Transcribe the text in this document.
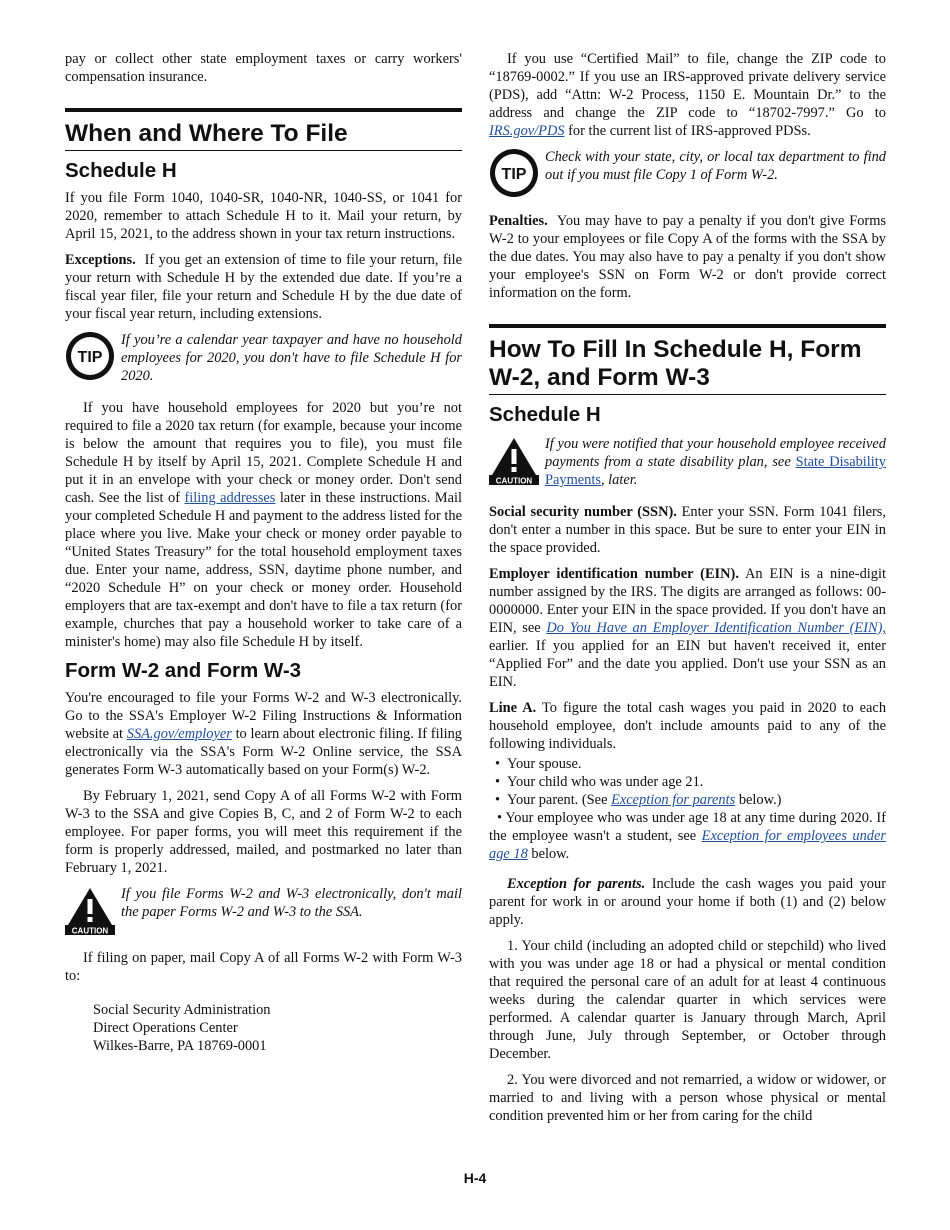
pay or collect other state employment taxes or carry workers' compensation insurance.

When and Where To File
Schedule H

If you file Form 1040, 1040-SR, 1040-NR, 1040-SS, or 1041 for 2020, remember to attach Schedule H to it. Mail your return, by April 15, 2021, to the address shown in your tax return instructions.

Exceptions. If you get an extension of time to file your return, file your return with Schedule H by the extended due date. If you’re a fiscal year filer, file your return and Schedule H by the due date of your fiscal year return, including extensions.

TIP
If you’re a calendar year taxpayer and have no household employees for 2020, you don't have to file Schedule H for 2020.

If you have household employees for 2020 but you’re not required to file a 2020 tax return (for example, because your income is below the amount that requires you to file), you must file Schedule H by itself by April 15, 2021. Complete Schedule H and put it in an envelope with your check or money order. Don't send cash. See the list of filing addresses later in these instructions. Mail your completed Schedule H and payment to the address listed for the place where you live. Make your check or money order payable to “United States Treasury” for the total household employment taxes due. Enter your name, address, SSN, daytime phone number, and “2020 Schedule H” on your check or money order. Household employers that are tax-exempt and don't have to file a tax return (for example, churches that pay a household worker to take care of a minister's home) may also file Schedule H by itself.

Form W-2 and Form W-3

You're encouraged to file your Forms W-2 and W-3 electronically. Go to the SSA's Employer W-2 Filing Instructions & Information website at SSA.gov/employer to learn about electronic filing. If filing electronically via the SSA's Form W-2 Online service, the SSA generates Form W-3 automatically based on your Form(s) W-2.

By February 1, 2021, send Copy A of all Forms W-2 with Form W-3 to the SSA and give Copies B, C, and 2 of Form W-2 to each employee. For paper forms, you will meet this requirement if the form is properly addressed, mailed, and postmarked no later than February 1, 2021.

CAUTION
If you file Forms W-2 and W-3 electronically, don't mail the paper Forms W-2 and W-3 to the SSA.

If filing on paper, mail Copy A of all Forms W-2 with Form W-3 to:

Social Security Administration
Direct Operations Center
Wilkes-Barre, PA 18769-0001

If you use “Certified Mail” to file, change the ZIP code to “18769-0002.” If you use an IRS-approved private delivery service (PDS), add “Attn: W-2 Process, 1150 E. Mountain Dr.” to the address and change the ZIP code to “18702-7997.” Go to IRS.gov/PDS for the current list of IRS-approved PDSs.

TIP
Check with your state, city, or local tax department to find out if you must file Copy 1 of Form W-2.

Penalties. You may have to pay a penalty if you don't give Forms W-2 to your employees or file Copy A of the forms with the SSA by the due dates. You may also have to pay a penalty if you don't show your employee's SSN on Form W-2 or don't provide correct information on the form.

How To Fill In Schedule H, Form W-2, and Form W-3
Schedule H
CAUTION
If you were notified that your household employee received payments from a state disability plan, see State Disability Payments, later.

Social security number (SSN). Enter your SSN. Form 1041 filers, don't enter a number in this space. But be sure to enter your EIN in the space provided.

Employer identification number (EIN). An EIN is a nine-digit number assigned by the IRS. The digits are arranged as follows: 00-0000000. Enter your EIN in the space provided. If you don't have an EIN, see Do You Have an Employer Identification Number (EIN), earlier. If you applied for an EIN but haven't received it, enter “Applied For” and the date you applied. Don't use your SSN as an EIN.

Line A. To figure the total cash wages you paid in 2020 to each household employee, don't include amounts paid to any of the following individuals.

• Your spouse.
• Your child who was under age 21.
• Your parent. (See Exception for parents below.)
• Your employee who was under age 18 at any time during 2020. If the employee wasn't a student, see Exception for employees under age 18 below.

Exception for parents. Include the cash wages you paid your parent for work in or around your home if both (1) and (2) below apply.

1. Your child (including an adopted child or stepchild) who lived with you was under age 18 or had a physical or mental condition that required the personal care of an adult for at least 4 continuous weeks during the calendar quarter in which services were performed. A calendar quarter is January through March, April through June, July through September, or October through December.

2. You were divorced and not remarried, a widow or widower, or married to and living with a person whose physical or mental condition prevented him or her from caring for the child

H-4
